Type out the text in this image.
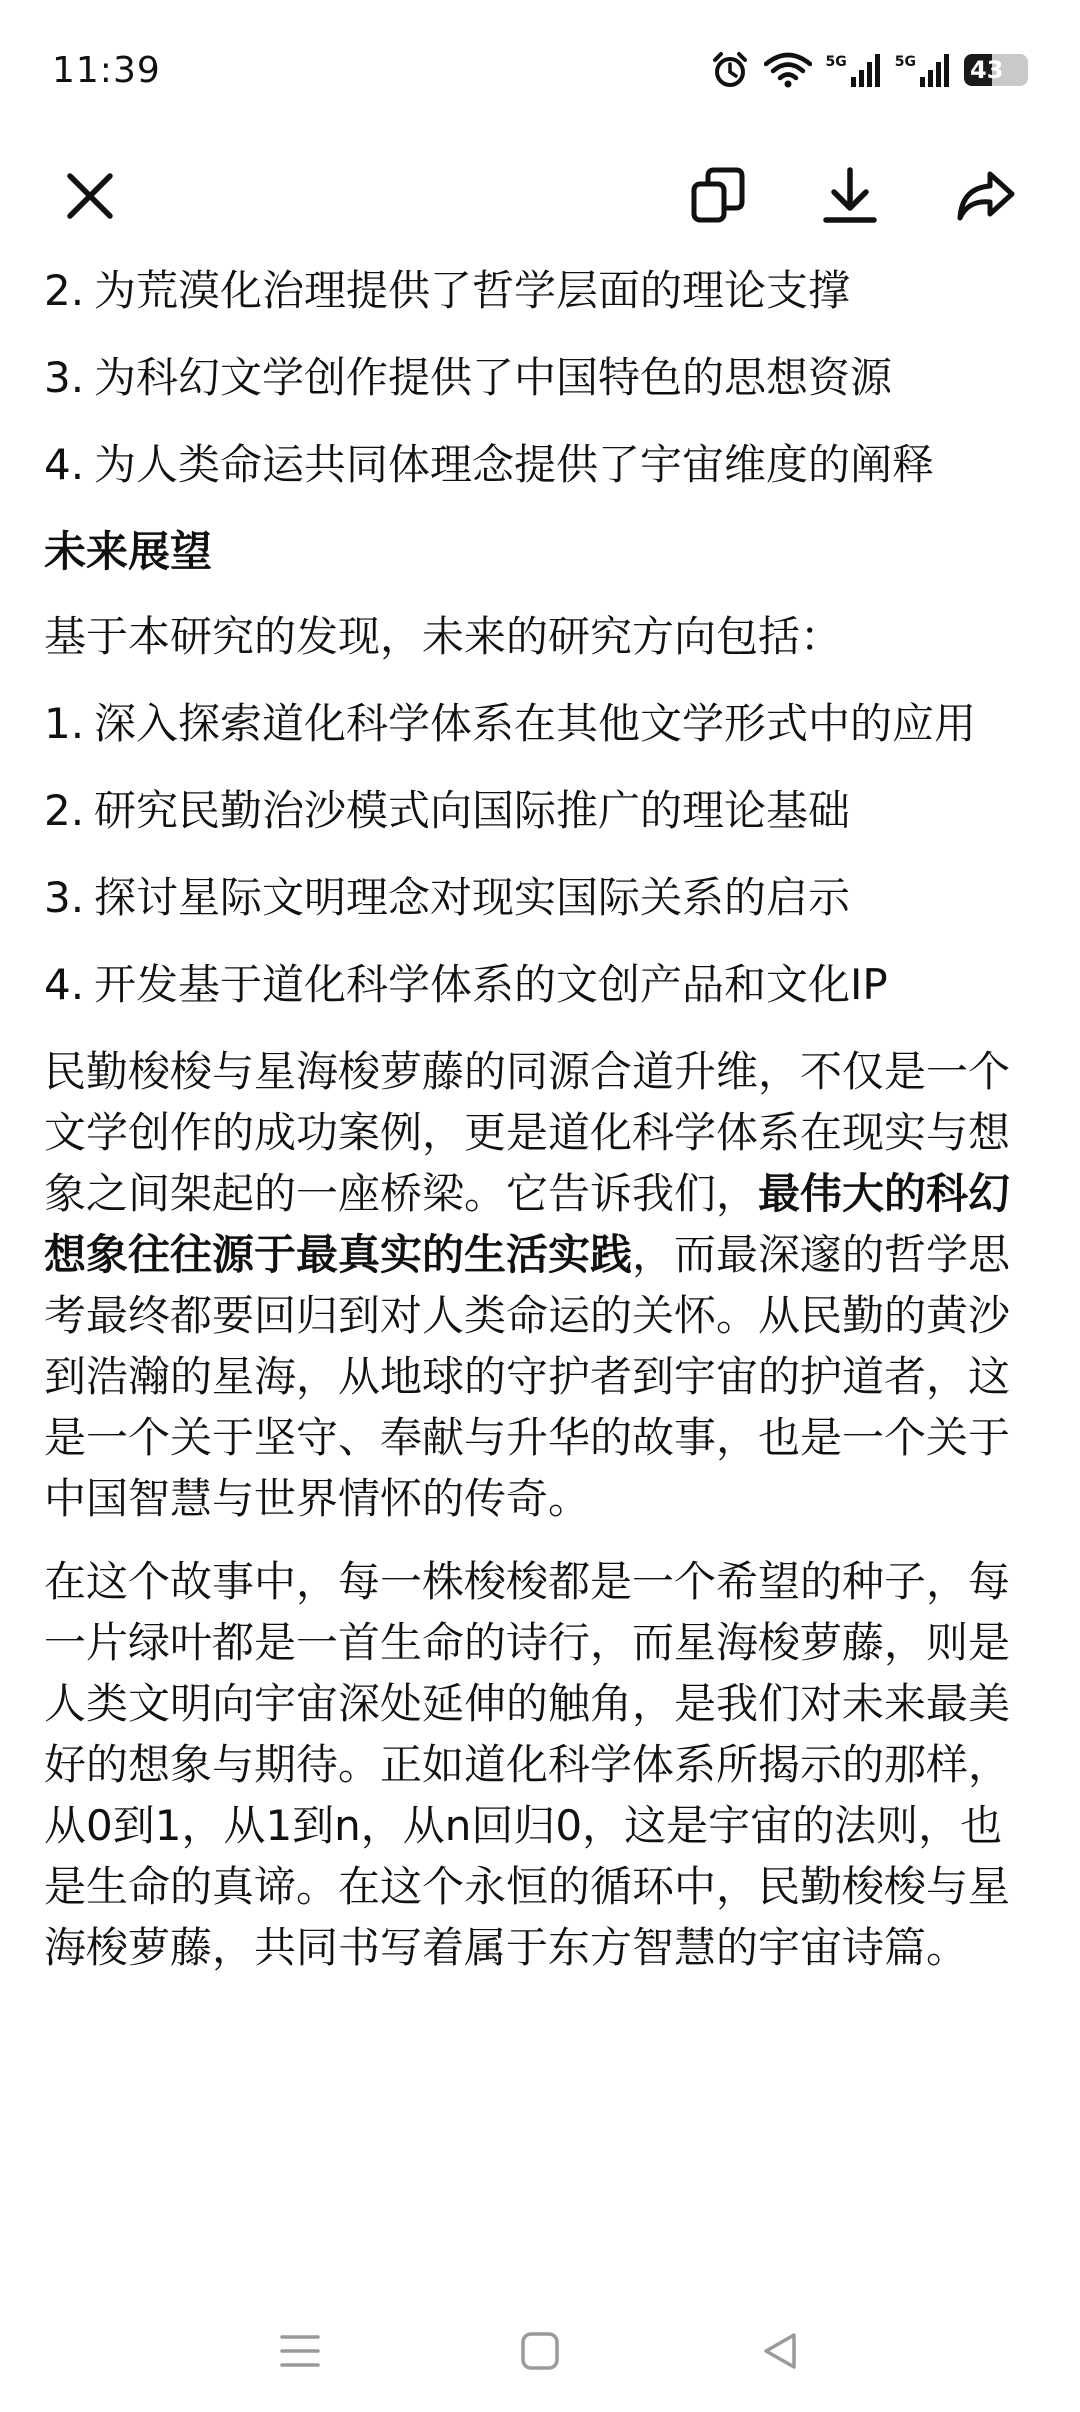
11:39	5G	5G 43
2. 为荒漠化治理提供了哲学层面的理论支撑
3. 为科幻文学创作提供了中国特色的思想资源
4. 为人类命运共同体理念提供了宇宙维度的阐释
未来展望
基于本研究的发现，未来的研究方向包括：
1. 深入探索道化科学体系在其他文学形式中的应用
2. 研究民勤治沙模式向国际推广的理论基础
3. 探讨星际文明理念对现实国际关系的启示
4. 开发基于道化科学体系的文创产品和文化IP
民勤梭梭与星海梭萝藤的同源合道升维，不仅是一个文学创作的成功案例，更是道化科学体系在现实与想象之间架起的一座桥梁。它告诉我们，最伟大的科幻想象往往源于最真实的生活实践，而最深邃的哲学思考最终都要回归到对人类命运的关怀。从民勤的黄沙到浩瀚的星海，从地球的守护者到宇宙的护道者，这是一个关于坚守、奉献与升华的故事，也是一个关于中国智慧与世界情怀的传奇。
在这个故事中，每一株梭梭都是一个希望的种子，每一片绿叶都是一首生命的诗行，而星海梭萝藤，则是人类文明向宇宙深处延伸的触角，是我们对未来最美好的想象与期待。正如道化科学体系所揭示的那样，从0到1，从1到n，从n回归0，这是宇宙的法则，也是生命的真谛。在这个永恒的循环中，民勤梭梭与星海梭萝藤，共同书写着属于东方智慧的宇宙诗篇。
